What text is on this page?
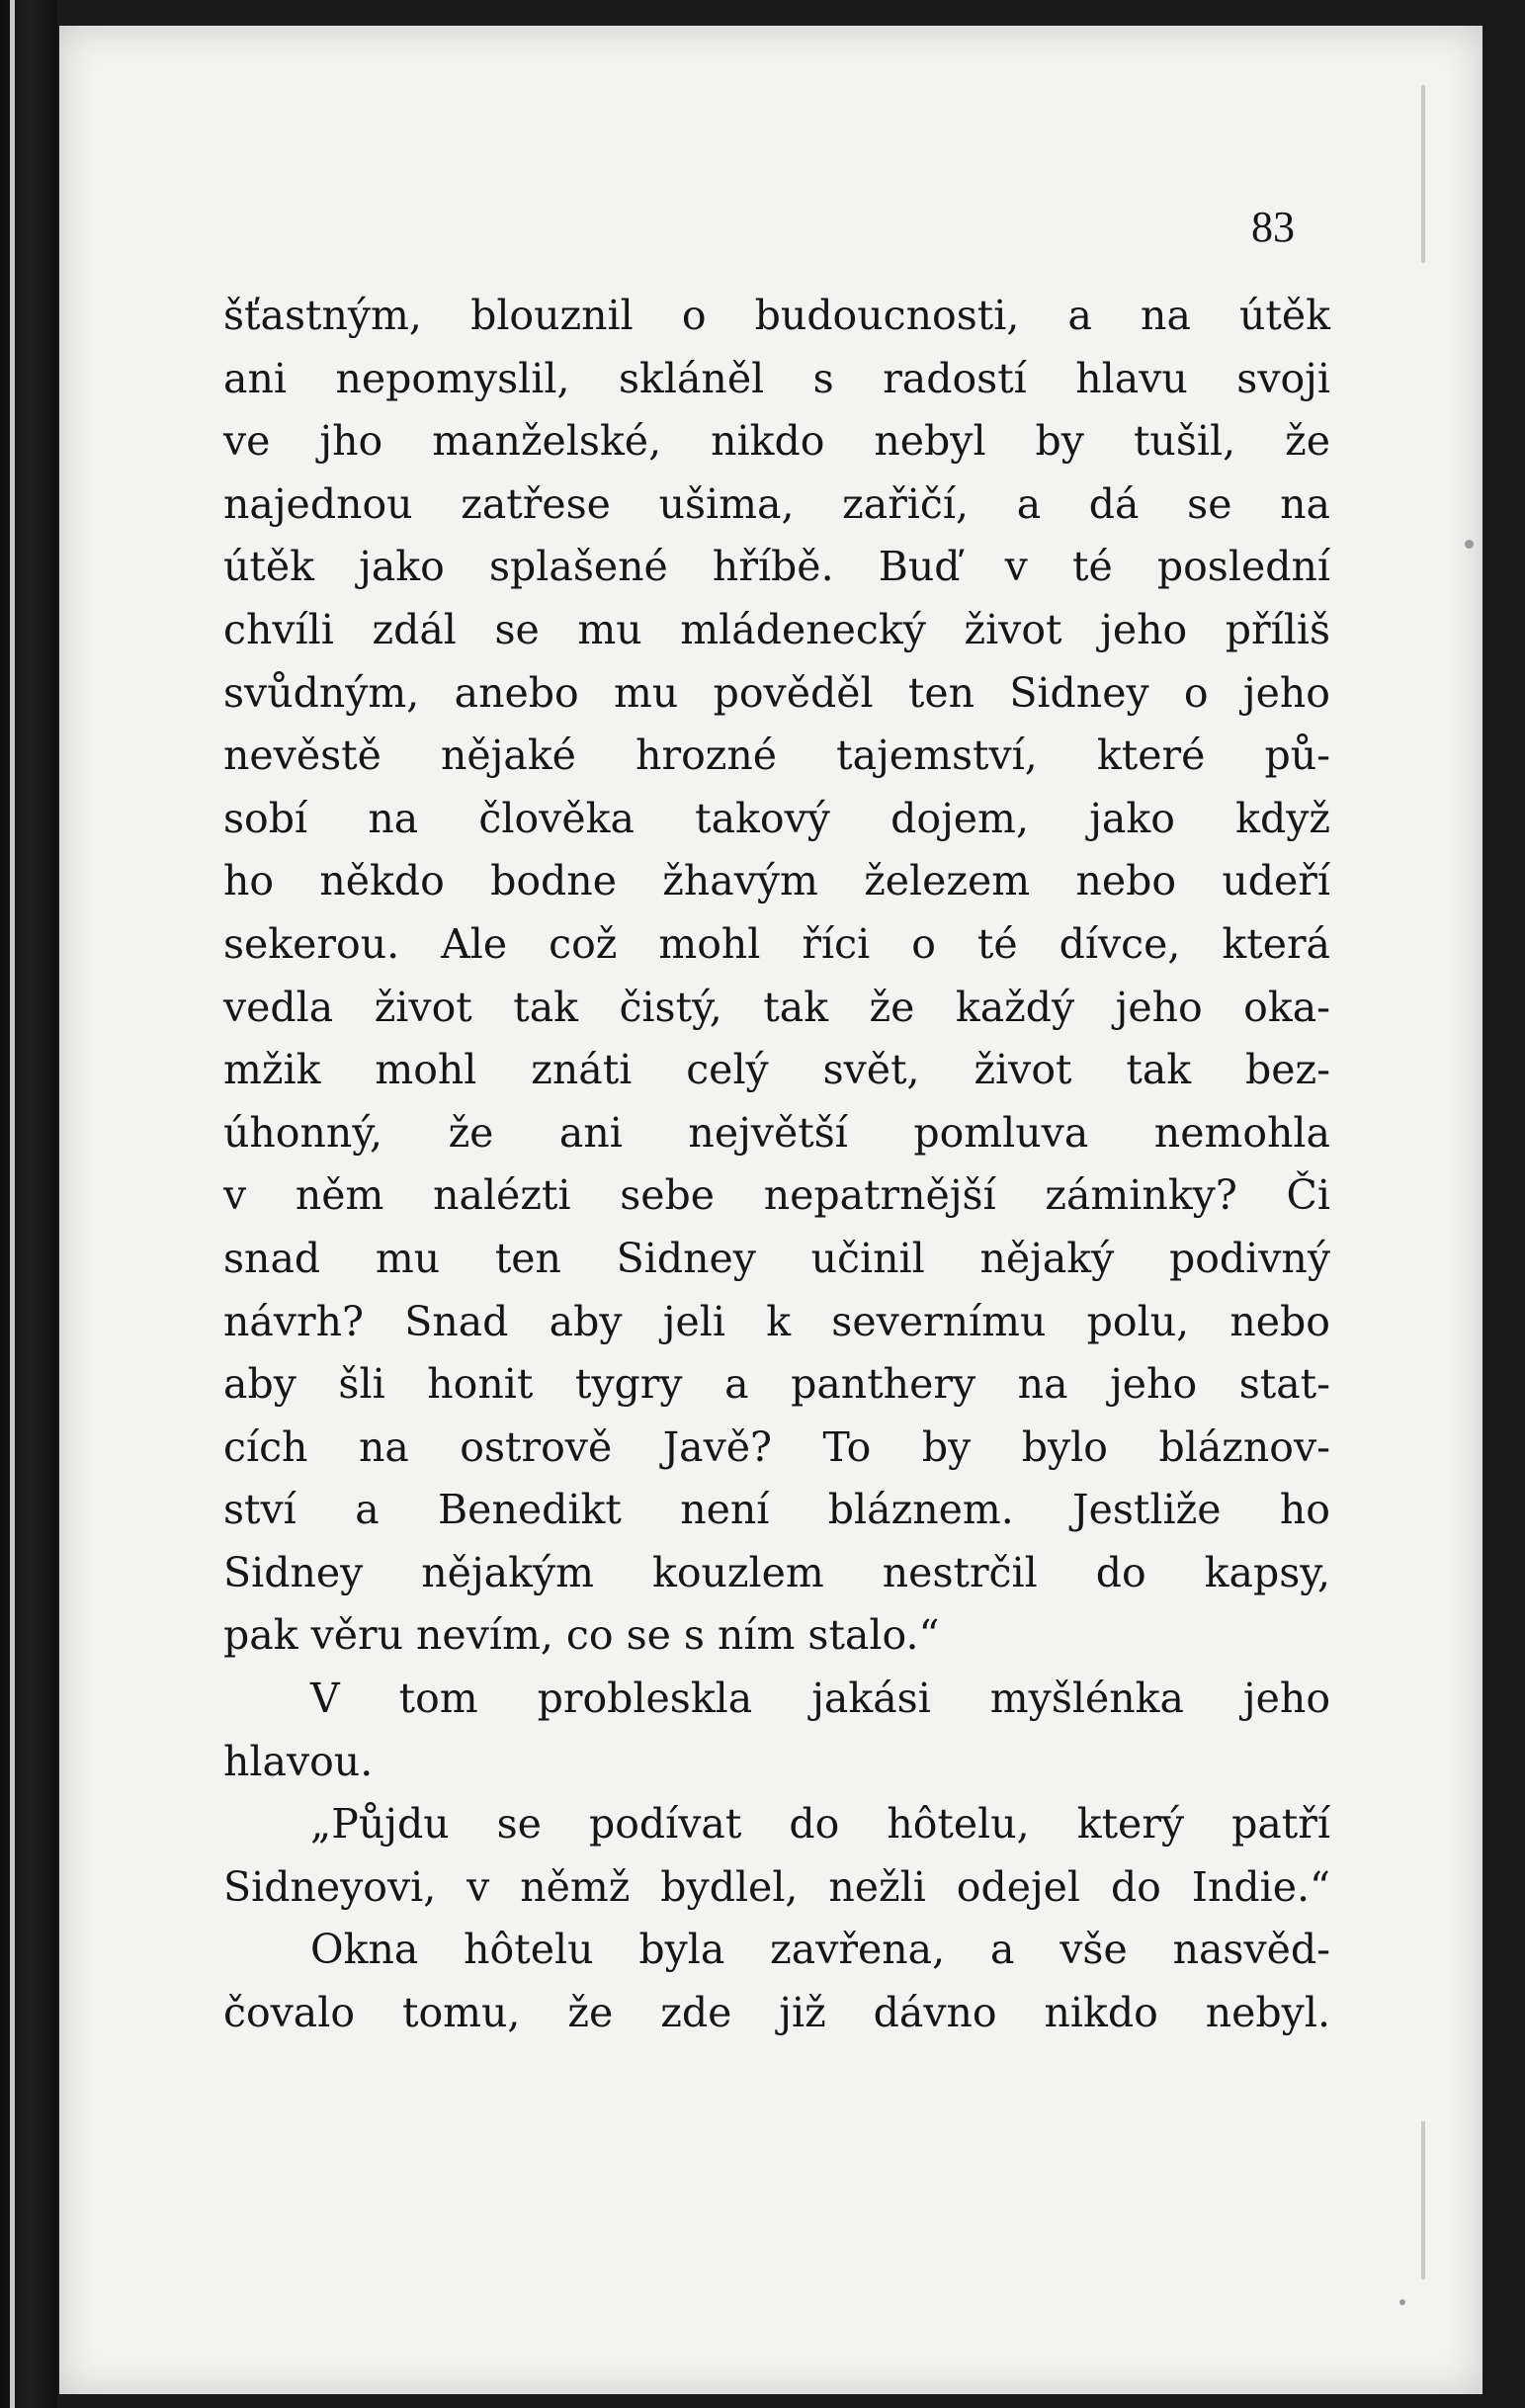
83

šťastným, blouznil o budoucnosti, a na útěk
ani nepomyslil, skláněl s radostí hlavu svoji
ve jho manželské, nikdo nebyl by tušil, že
najednou zatřese ušima, zařičí, a dá se na
útěk jako splašené hříbě. Buď v té poslední
chvíli zdál se mu mládenecký život jeho příliš
svůdným, anebo mu pověděl ten Sidney o jeho
nevěstě nějaké hrozné tajemství, které pů-
sobí na člověka takový dojem, jako když
ho někdo bodne žhavým železem nebo udeří
sekerou. Ale což mohl říci o té dívce, která
vedla život tak čistý, tak že každý jeho oka-
mžik mohl znáti celý svět, život tak bez-
úhonný, že ani největší pomluva nemohla
v něm nalézti sebe nepatrnější záminky? Či
snad mu ten Sidney učinil nějaký podivný
návrh? Snad aby jeli k severnímu polu, nebo
aby šli honit tygry a panthery na jeho stat-
cích na ostrově Javě? To by bylo bláznov-
ství a Benedikt není bláznem. Jestliže ho
Sidney nějakým kouzlem nestrčil do kapsy,
pak věru nevím, co se s ním stalo.“
V tom probleskla jakási myšlénka jeho
hlavou.
„Půjdu se podívat do hôtelu, který patří
Sidneyovi, v němž bydlel, nežli odejel do Indie.“
Okna hôtelu byla zavřena, a vše nasvěd-
čovalo tomu, že zde již dávno nikdo nebyl.
